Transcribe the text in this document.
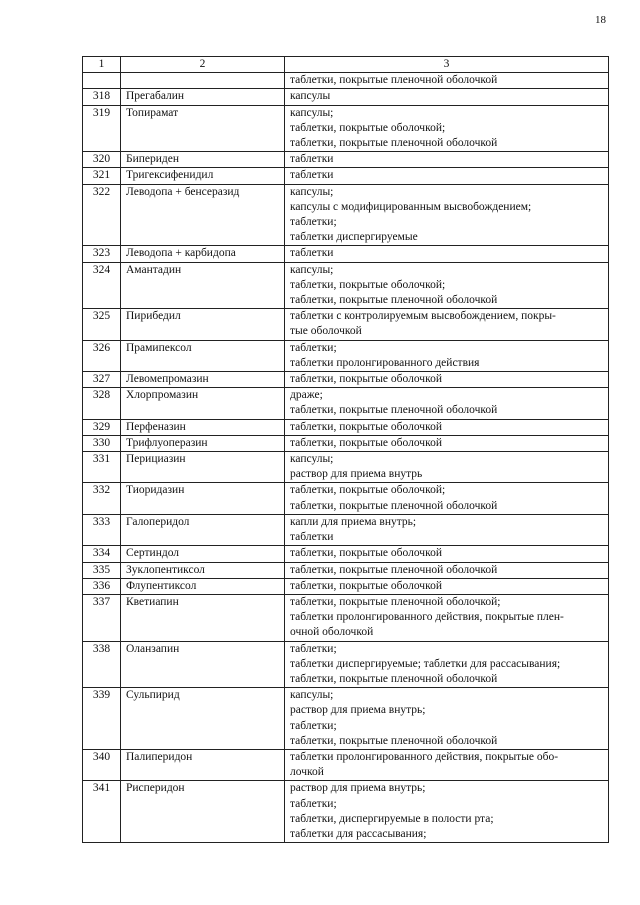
18
1	2	3

		таблетки, покрытые пленочной оболочкой

318	Прегабалин	капсулы

319	Топирамат	капсулы;
таблетки, покрытые оболочкой;
таблетки, покрытые пленочной оболочкой

320	Бипериден	таблетки

321	Тригексифенидил	таблетки

322	Леводопа + бенсеразид	капсулы;
капсулы с модифицированным высвобождением;
таблетки;
таблетки диспергируемые

323	Леводопа + карбидопа	таблетки

324	Амантадин	капсулы;
таблетки, покрытые оболочкой;
таблетки, покрытые пленочной оболочкой

325	Пирибедил	таблетки с контролируемым высвобождением, покры-
тые оболочкой

326	Прамипексол	таблетки;
таблетки пролонгированного действия

327	Левомепромазин	таблетки, покрытые оболочкой

328	Хлорпромазин	драже;
таблетки, покрытые пленочной оболочкой

329	Перфеназин	таблетки, покрытые оболочкой

330	Трифлуоперазин	таблетки, покрытые оболочкой

331	Перициазин	капсулы;
раствор для приема внутрь

332	Тиоридазин	таблетки, покрытые оболочкой;
таблетки, покрытые пленочной оболочкой

333	Галоперидол	капли для приема внутрь;
таблетки

334	Сертиндол	таблетки, покрытые оболочкой

335	Зуклопентиксол	таблетки, покрытые пленочной оболочкой

336	Флупентиксол	таблетки, покрытые оболочкой

337	Кветиапин	таблетки, покрытые пленочной оболочкой;
таблетки пролонгированного действия, покрытые плен-
очной оболочкой

338	Оланзапин	таблетки;
таблетки диспергируемые; таблетки для рассасывания;
таблетки, покрытые пленочной оболочкой

339	Сульпирид	капсулы;
раствор для приема внутрь;
таблетки;
таблетки, покрытые пленочной оболочкой

340	Палиперидон	таблетки пролонгированного действия, покрытые обо-
лочкой

341	Рисперидон	раствор для приема внутрь;
таблетки;
таблетки, диспергируемые в полости рта;
таблетки для рассасывания;
